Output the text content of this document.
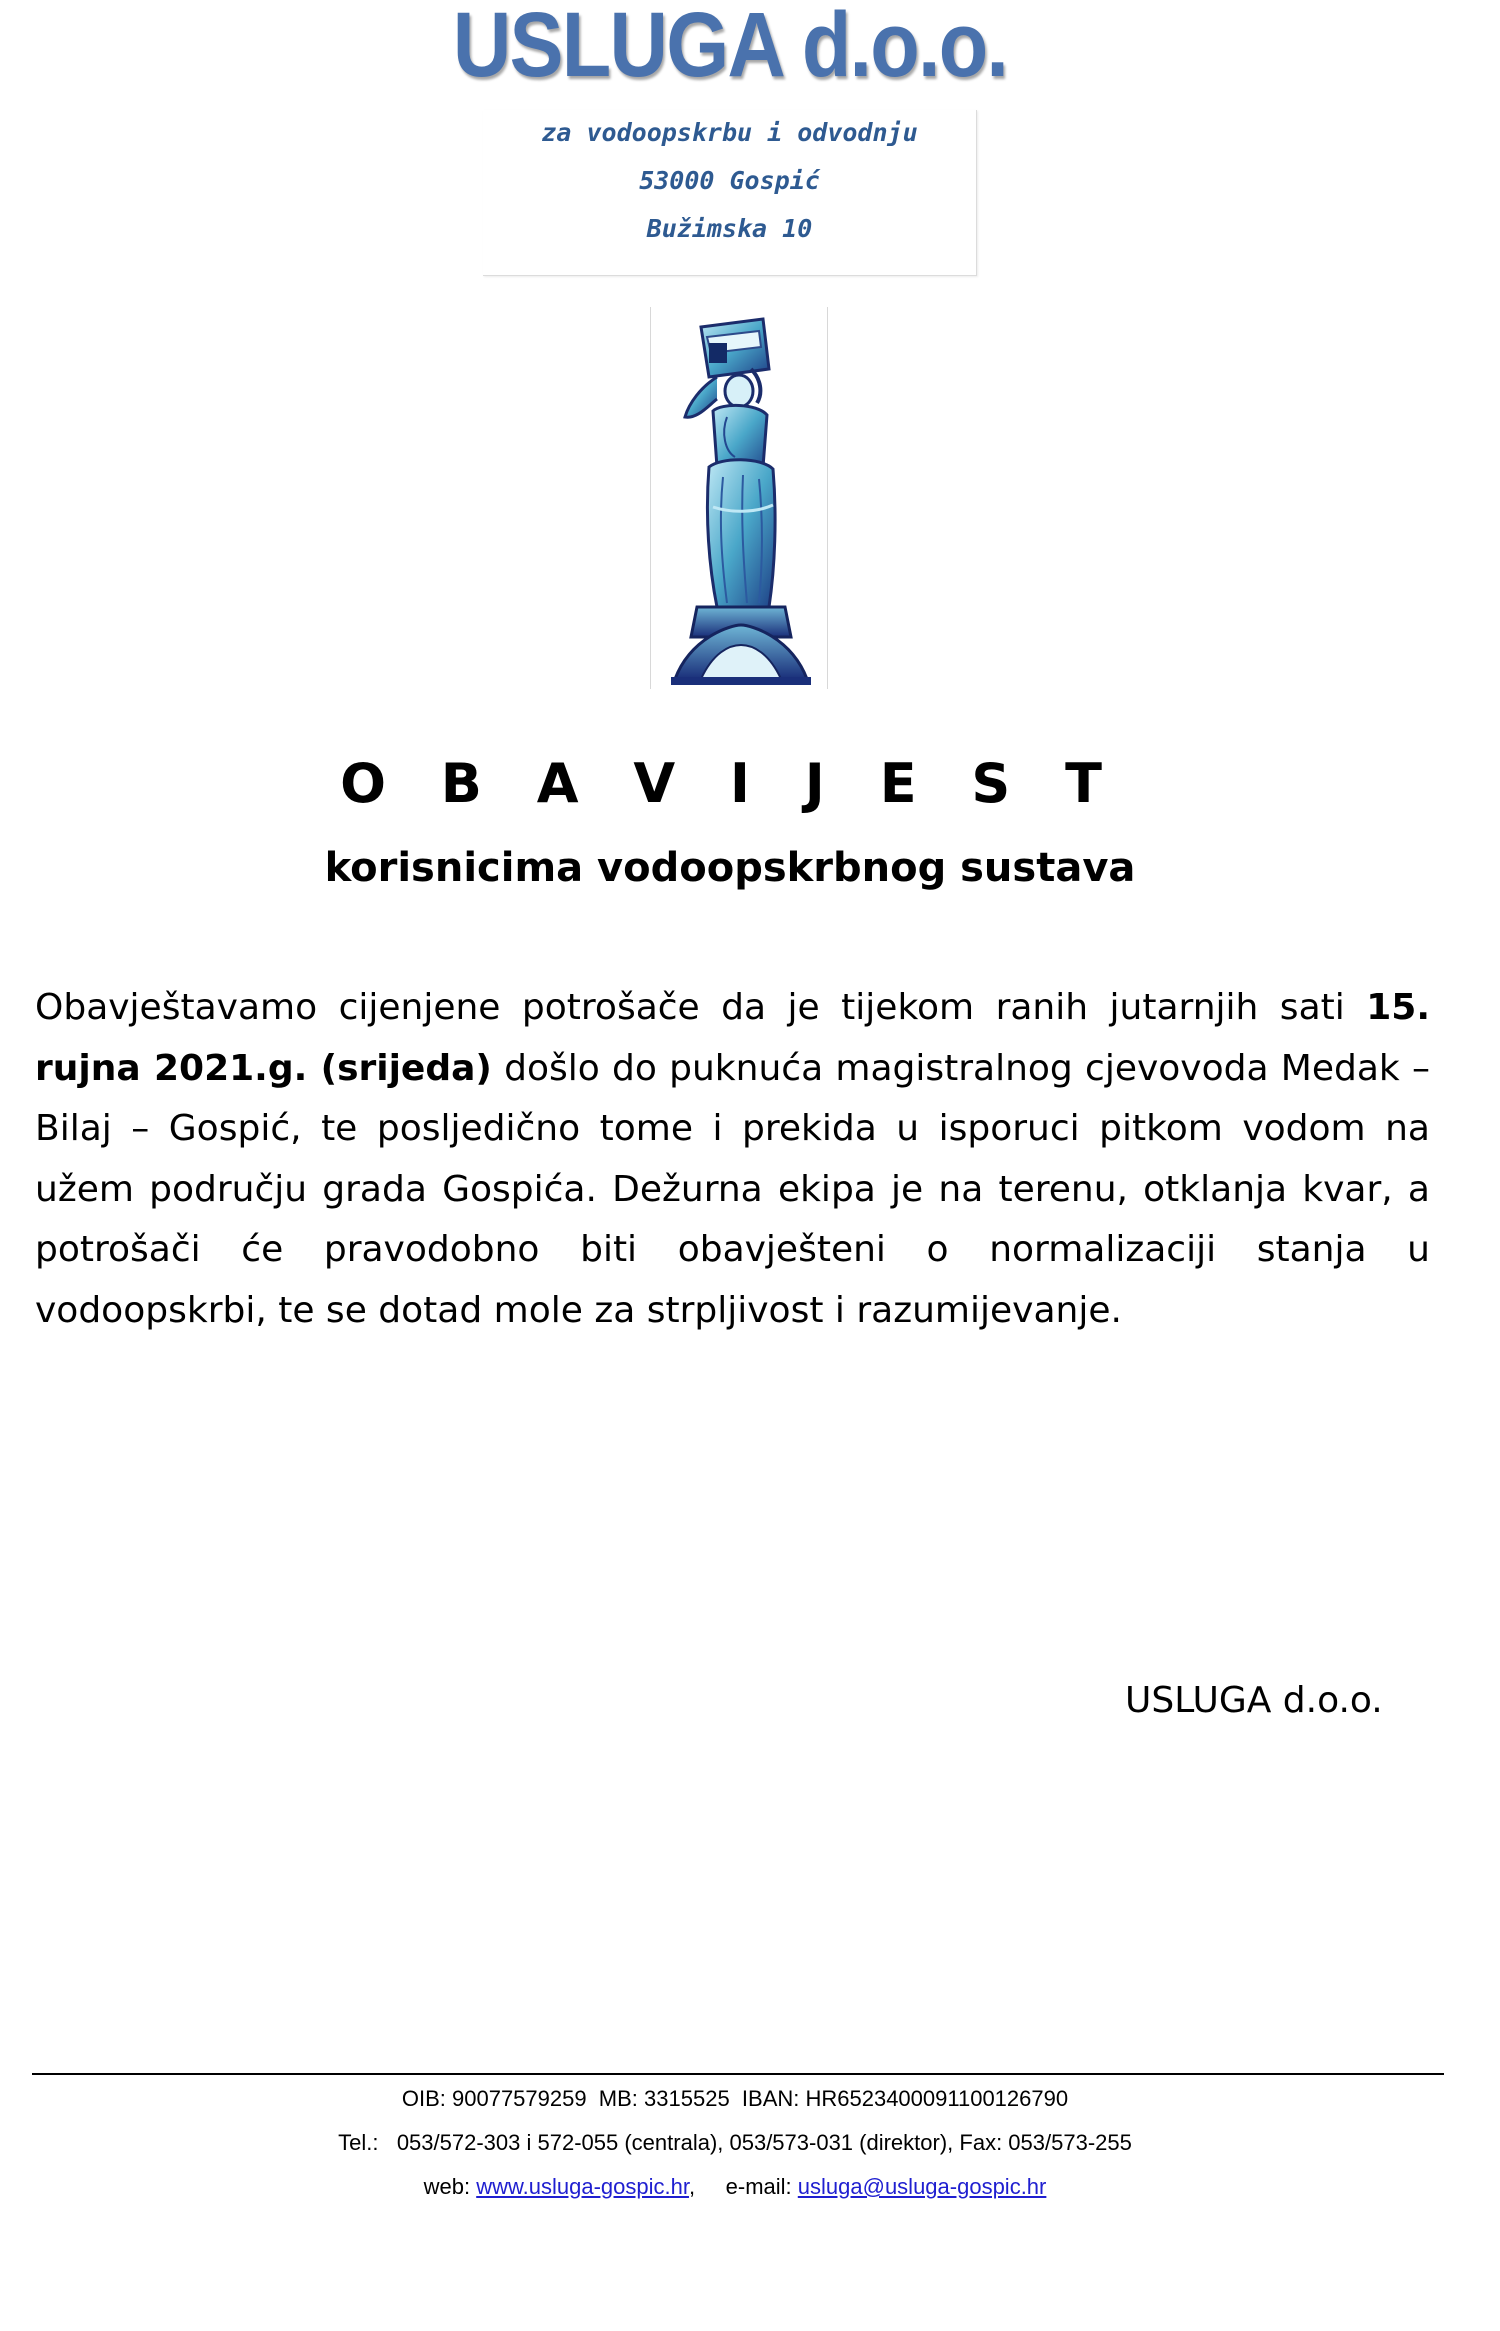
USLUGA d.o.o.
za vodoopskrbu i odvodnju
53000 Gospić
Bužimska 10
O B A V I J E S T
korisnicima vodoopskrbnog sustava
Obavještavamo cijenjene potrošače da je tijekom ranih jutarnjih sati 15. rujna 2021.g. (srijeda) došlo do puknuća magistralnog cjevovoda Medak – Bilaj – Gospić, te posljedično tome i prekida u isporuci pitkom vodom na užem području grada Gospića. Dežurna ekipa je na terenu, otklanja kvar, a potrošači će pravodobno biti obavješteni o normalizaciji stanja u vodoopskrbi, te se dotad mole za strpljivost i razumijevanje.
USLUGA d.o.o.
OIB: 90077579259  MB: 3315525  IBAN: HR6523400091100126790
Tel.:   053/572-303 i 572-055 (centrala), 053/573-031 (direktor), Fax: 053/573-255
web: www.usluga-gospic.hr,     e-mail: usluga@usluga-gospic.hr
